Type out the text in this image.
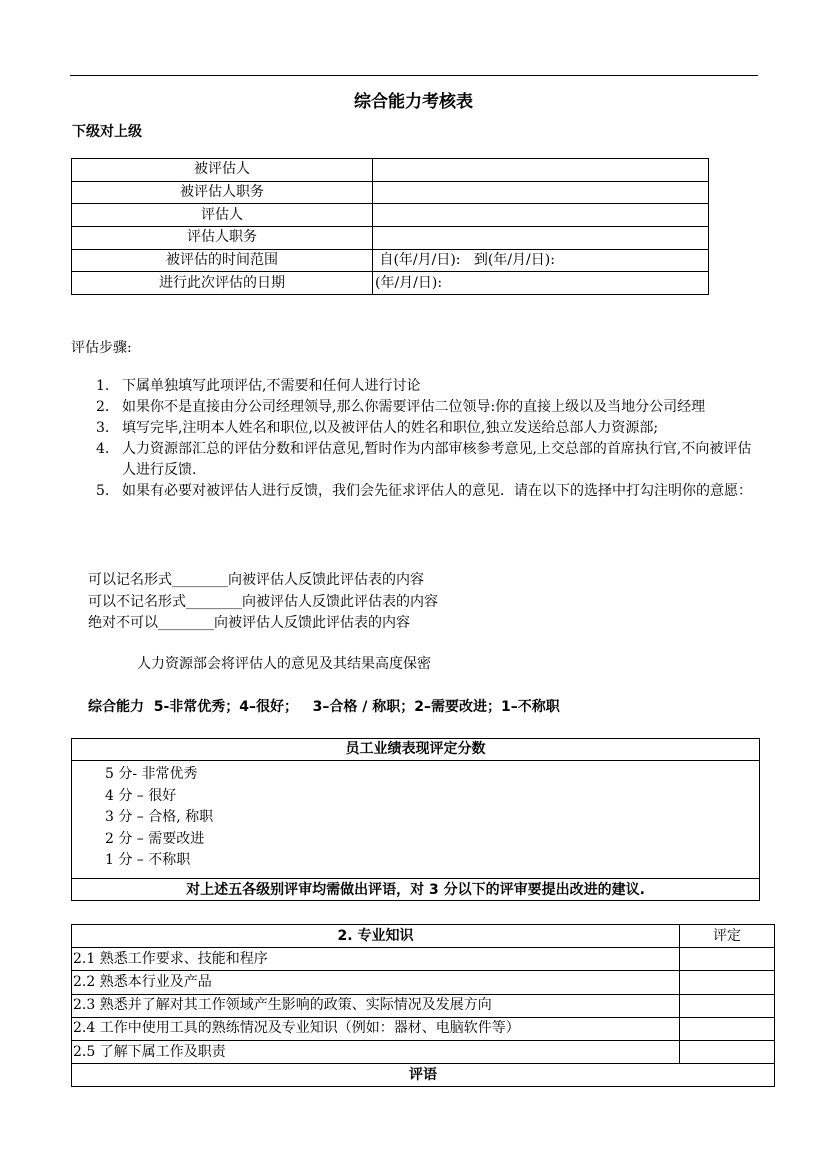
综合能力考核表
下级对上级
被评估人	
被评估人职务	
评估人	
评估人职务	
被评估的时间范围	自(年/月/日):   到(年/月/日):
进行此次评估的日期	(年/月/日):
评估步骤:
1. 下属单独填写此项评估,不需要和任何人进行讨论
2. 如果你不是直接由分公司经理领导,那么你需要评估二位领导:你的直接上级以及当地分公司经理
3. 填写完毕,注明本人姓名和职位,以及被评估人的姓名和职位,独立发送给总部人力资源部;
4. 人力资源部汇总的评估分数和评估意见,暂时作为内部审核参考意见,上交总部的首席执行官,不向被评估人进行反馈.
5. 如果有必要对被评估人进行反馈，我们会先征求评估人的意见．请在以下的选择中打勾注明你的意愿：
可以记名形式________向被评估人反馈此评估表的内容
可以不记名形式________向被评估人反馈此评估表的内容
绝对不可以________向被评估人反馈此评估表的内容
人力资源部会将评估人的意见及其结果高度保密
综合能力  5-非常优秀；4–很好；   3–合格 / 称职；2–需要改进；1–不称职
员工业绩表现评定分数
5 分- 非常优秀
4 分 – 很好
3 分 – 合格, 称职
2 分 – 需要改进
1 分 – 不称职
对上述五各级别评审均需做出评语，对 3 分以下的评审要提出改进的建议.
2. 专业知识	评定
2.1 熟悉工作要求、技能和程序	
2.2 熟悉本行业及产品	
2.3 熟悉并了解对其工作领域产生影响的政策、实际情况及发展方向	
2.4 工作中使用工具的熟练情况及专业知识（例如：器材、电脑软件等）	
2.5 了解下属工作及职责	
评语	
